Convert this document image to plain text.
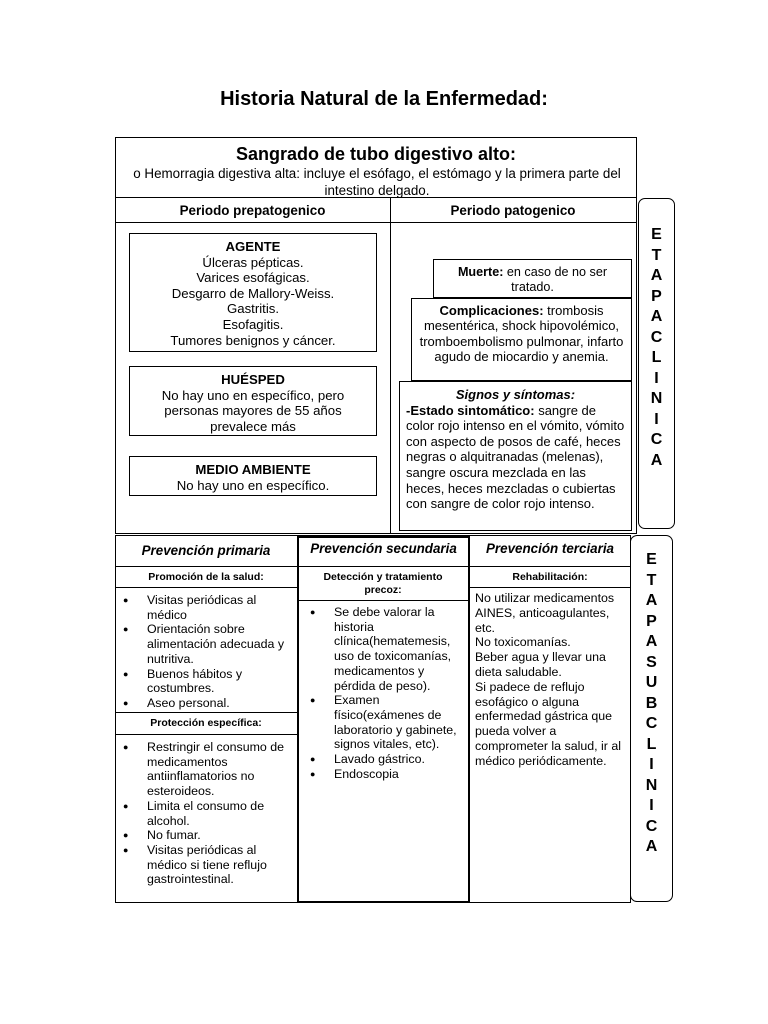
Historia Natural de la Enfermedad:
Sangrado de tubo digestivo alto:
o Hemorragia digestiva alta: incluye el esófago, el estómago y la primera parte del intestino delgado.
Periodo prepatogenico	Periodo patogenico
AGENTE
Úlceras pépticas.
Varices esofágicas.
Desgarro de Mallory-Weiss.
Gastritis.
Esofagitis.
Tumores benignos y cáncer.
HUÉSPED
No hay uno en específico, pero personas mayores de 55 años prevalece más
MEDIO AMBIENTE
No hay uno en específico.
Muerte: en caso de no ser tratado.
Complicaciones: trombosis mesentérica, shock hipovolémico, tromboembolismo pulmonar, infarto agudo de miocardio y anemia.
Signos y síntomas:
-Estado sintomático: sangre de color rojo intenso en el vómito, vómito con aspecto de posos de café, heces negras o alquitranadas (melenas), sangre oscura mezclada en las heces, heces mezcladas o cubiertas con sangre de color rojo intenso.
ETAPA CLINICA
Prevención primaria
Promoción de la salud:
● Visitas periódicas al médico
● Orientación sobre alimentación adecuada y nutritiva.
● Buenos hábitos y costumbres.
● Aseo personal.
Protección específica:
● Restringir el consumo de medicamentos antiinflamatorios no esteroideos.
● Limita el consumo de alcohol.
● No fumar.
● Visitas periódicas al médico si tiene reflujo gastrointestinal.
Prevención secundaria
Detección y tratamiento precoz:
● Se debe valorar la historia clínica(hematemesis, uso de toxicomanías, medicamentos y pérdida de peso).
● Examen físico(exámenes de laboratorio y gabinete, signos vitales, etc).
● Lavado gástrico.
● Endoscopia
Prevención terciaria
Rehabilitación:
No utilizar medicamentos AINES, anticoagulantes, etc.
No toxicomanías.
Beber agua y llevar una dieta saludable.
Si padece de reflujo esofágico o alguna enfermedad gástrica que pueda volver a comprometer la salud, ir al médico periódicamente.
ETAPA SUBCLINICA
